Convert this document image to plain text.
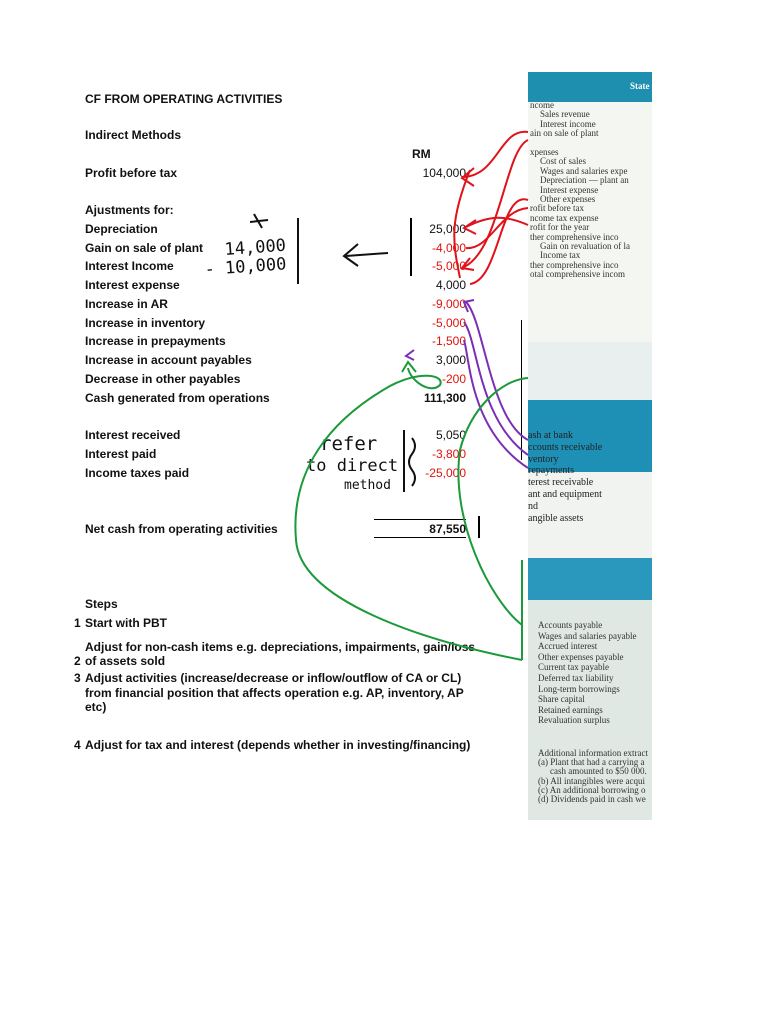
CF FROM OPERATING ACTIVITIES
Indirect Methods
RM
Profit before tax	104,000
Ajustments for:
Depreciation	25,000
Gain on sale of plant	-4,000
Interest Income	-5,000
Interest expense	4,000
Increase in AR	-9,000
Increase in inventory	-5,000
Increase in prepayments	-1,500
Increase in account payables	3,000
Decrease in other payables	-200
Cash generated from operations	111,300
Interest received	5,050
Interest paid	-3,800
Income taxes paid	-25,000
Net cash from operating activities	87,550
Steps
1 Start with PBT
2
Adjust for non-cash items e.g. depreciations, impairments, gain/loss
of assets sold
3 Adjust activities (increase/decrease or inflow/outflow of CA or CL)
from financial position that affects operation e.g. AP, inventory, AP
etc)
4 Adjust for tax and interest (depends whether in investing/financing)
State
ncome
Sales revenue
Interest income
ain on sale of plant
xpenses
Cost of sales
Wages and salaries expe
Depreciation — plant an
Interest expense
Other expenses
rofit before tax
ncome tax expense
rofit for the year
ther comprehensive inco
Gain on revaluation of la
Income tax
ther comprehensive inco
otal comprehensive incom
ash at bank
ccounts receivable
ventory
repayments
terest receivable
ant and equipment
nd
angible assets
Accounts payable
Wages and salaries payable
Accrued interest
Other expenses payable
Current tax payable
Deferred tax liability
Long-term borrowings
Share capital
Retained earnings
Revaluation surplus
Additional information extract
(a) Plant that had a carrying a
cash amounted to $50 000.
(b) All intangibles were acqui
(c) An additional borrowing o
(d) Dividends paid in cash we
14,000
- 10,000
refer
to direct
method
